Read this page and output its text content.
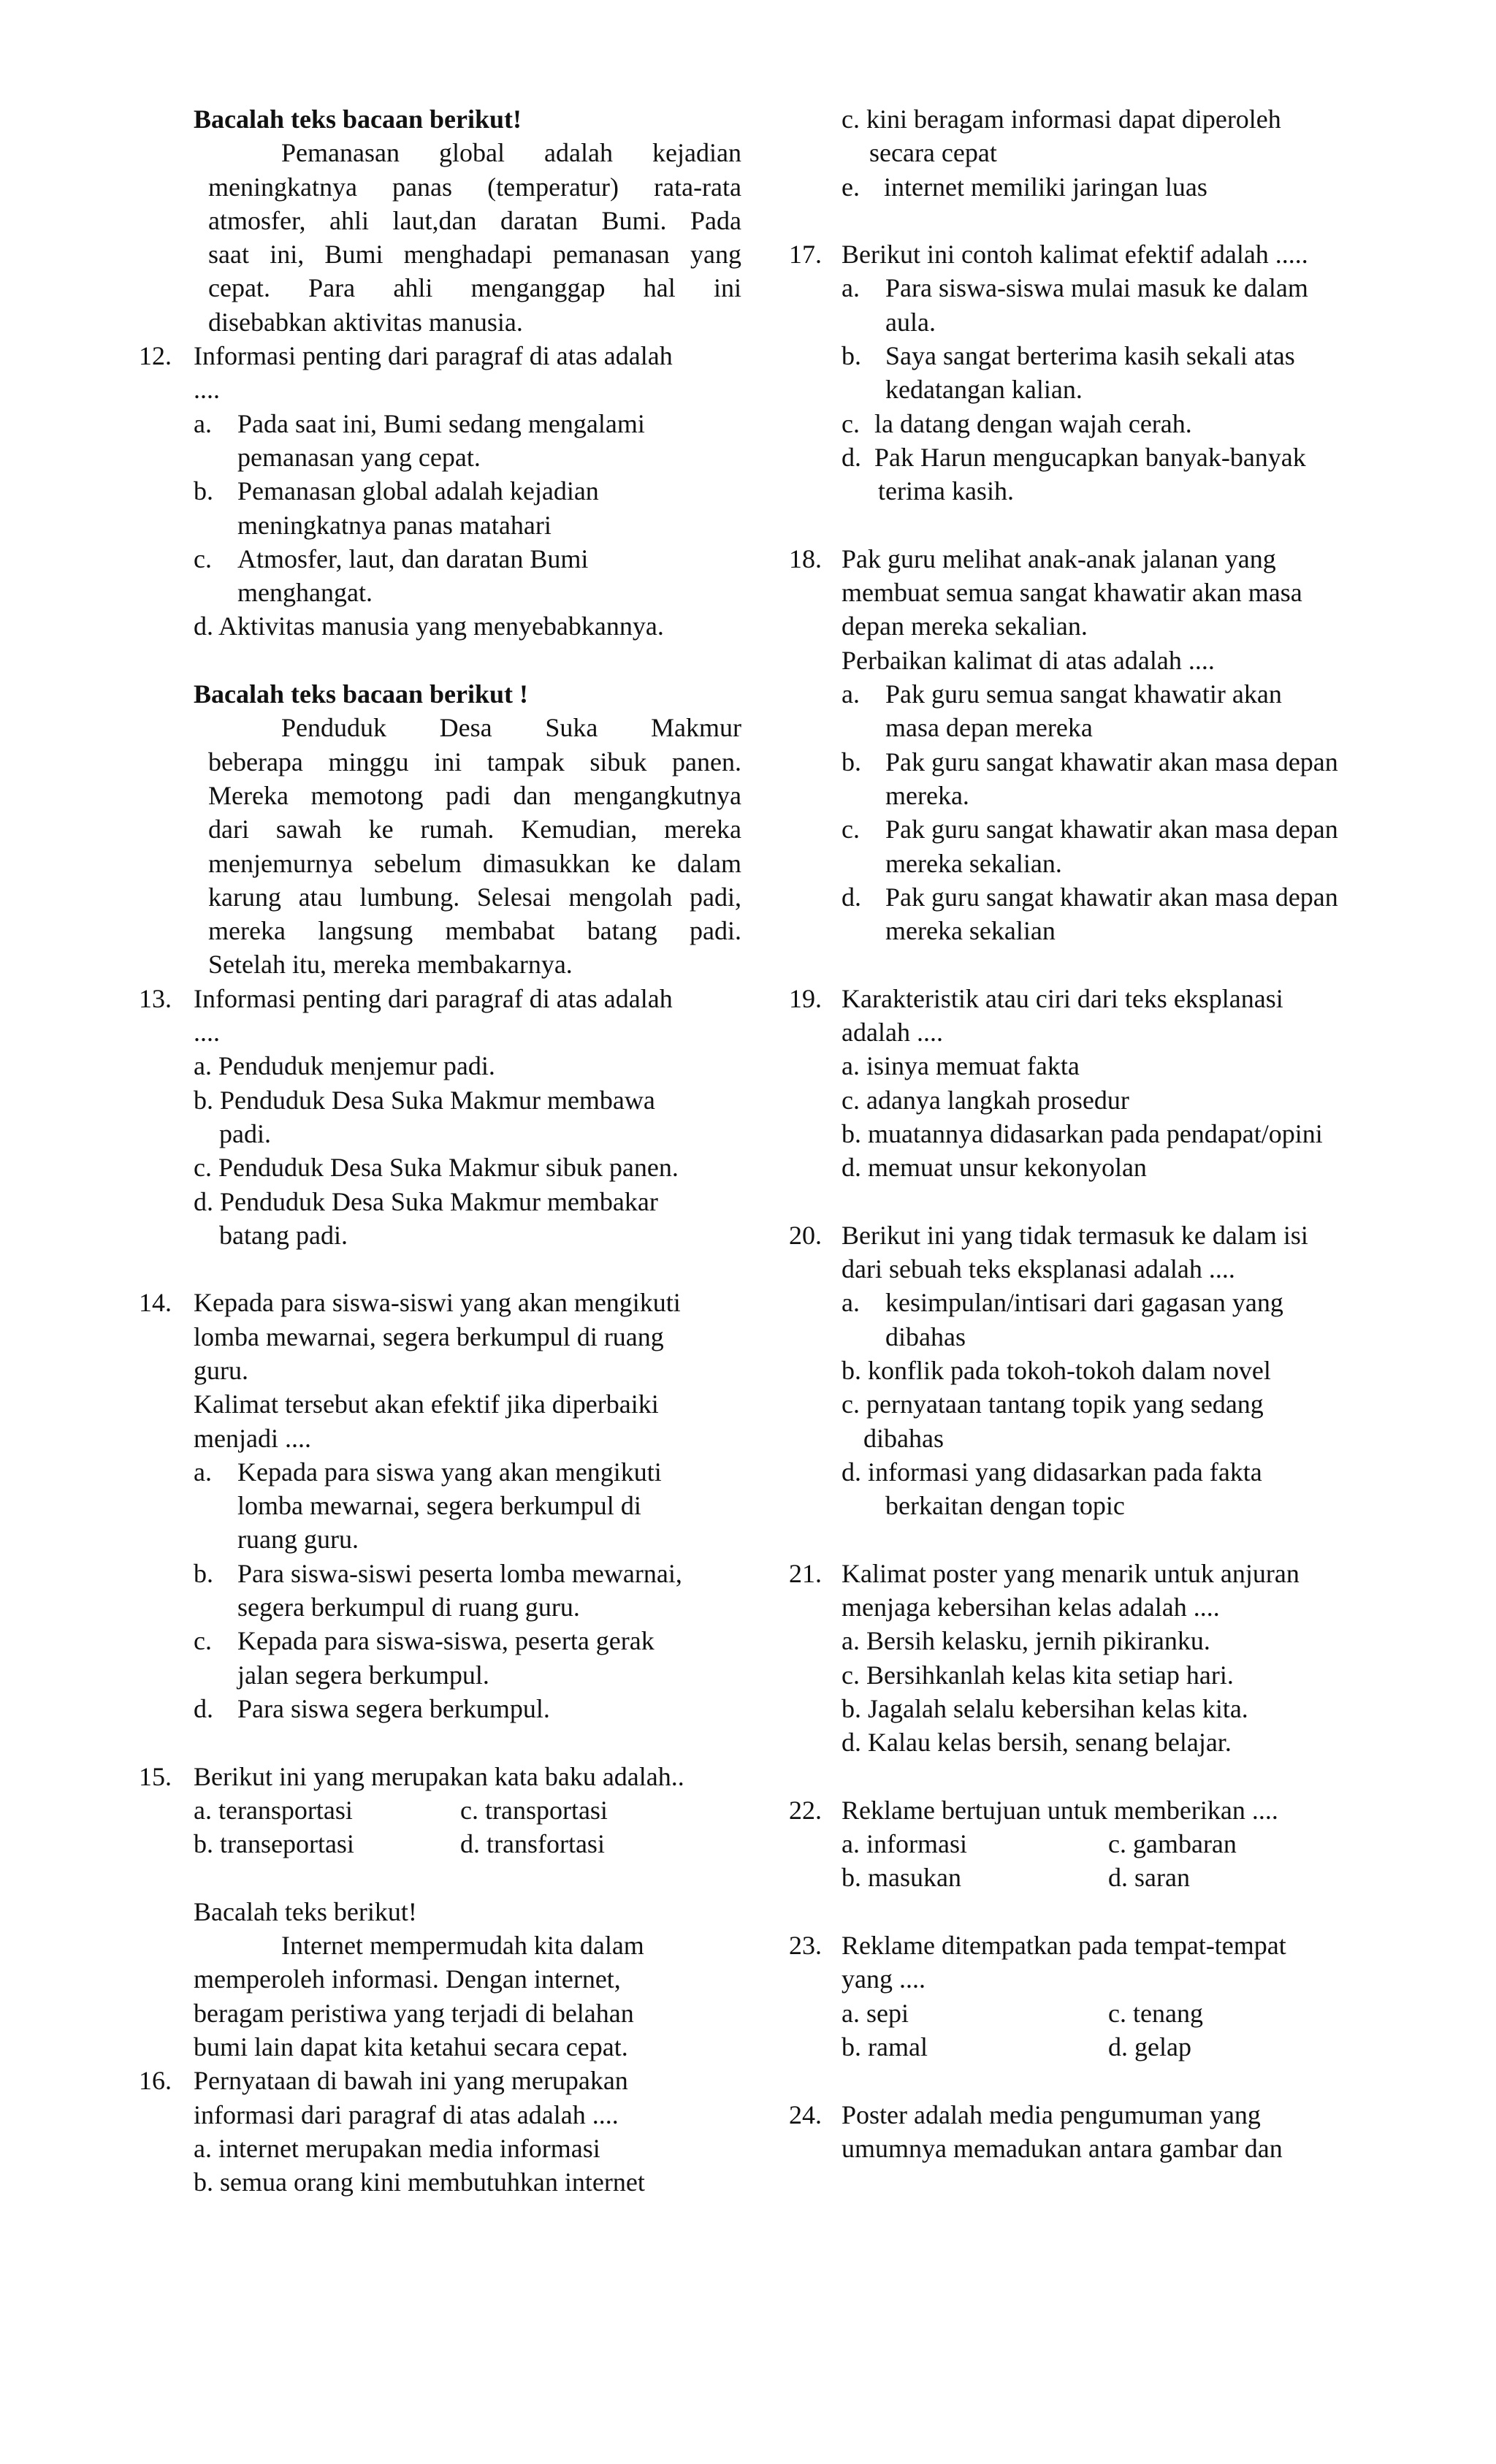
Bacalah teks bacaan berikut!
Pemanasan global adalah kejadian
meningkatnya panas (temperatur) rata-rata
atmosfer, ahli laut,dan daratan Bumi. Pada
saat ini, Bumi menghadapi pemanasan yang
cepat. Para ahli menganggap hal ini
disebabkan aktivitas manusia.
12. Informasi penting dari paragraf di atas adalah
....
a. Pada saat ini, Bumi sedang mengalami
pemanasan yang cepat.
b. Pemanasan global adalah kejadian
meningkatnya panas matahari
c. Atmosfer, laut, dan daratan Bumi
menghangat.
d. Aktivitas manusia yang menyebabkannya.
Bacalah teks bacaan berikut !
Penduduk Desa Suka Makmur
beberapa minggu ini tampak sibuk panen.
Mereka memotong padi dan mengangkutnya
dari sawah ke rumah. Kemudian, mereka
menjemurnya sebelum dimasukkan ke dalam
karung atau lumbung. Selesai mengolah padi,
mereka langsung membabat batang padi.
Setelah itu, mereka membakarnya.
13. Informasi penting dari paragraf di atas adalah
....
a. Penduduk menjemur padi.
b. Penduduk Desa Suka Makmur membawa
padi.
c. Penduduk Desa Suka Makmur sibuk panen.
d. Penduduk Desa Suka Makmur membakar
batang padi.
14. Kepada para siswa-siswi yang akan mengikuti
lomba mewarnai, segera berkumpul di ruang
guru.
Kalimat tersebut akan efektif jika diperbaiki
menjadi ....
a. Kepada para siswa yang akan mengikuti
lomba mewarnai, segera berkumpul di
ruang guru.
b. Para siswa-siswi peserta lomba mewarnai,
segera berkumpul di ruang guru.
c. Kepada para siswa-siswa, peserta gerak
jalan segera berkumpul.
d. Para siswa segera berkumpul.
15. Berikut ini yang merupakan kata baku adalah..
a. teransportasi	c. transportasi
b. transeportasi	d. transfortasi
Bacalah teks berikut!
Internet mempermudah kita dalam
memperoleh informasi. Dengan internet,
beragam peristiwa yang terjadi di belahan
bumi lain dapat kita ketahui secara cepat.
16. Pernyataan di bawah ini yang merupakan
informasi dari paragraf di atas adalah ....
a. internet merupakan media informasi
b. semua orang kini membutuhkan internet
c. kini beragam informasi dapat diperoleh
secara cepat
e. internet memiliki jaringan luas
17. Berikut ini contoh kalimat efektif adalah .....
a. Para siswa-siswa mulai masuk ke dalam
aula.
b. Saya sangat berterima kasih sekali atas
kedatangan kalian.
c. la datang dengan wajah cerah.
d. Pak Harun mengucapkan banyak-banyak
terima kasih.
18. Pak guru melihat anak-anak jalanan yang
membuat semua sangat khawatir akan masa
depan mereka sekalian.
Perbaikan kalimat di atas adalah ....
a. Pak guru semua sangat khawatir akan
masa depan mereka
b. Pak guru sangat khawatir akan masa depan
mereka.
c. Pak guru sangat khawatir akan masa depan
mereka sekalian.
d. Pak guru sangat khawatir akan masa depan
mereka sekalian
19. Karakteristik atau ciri dari teks eksplanasi
adalah ....
a. isinya memuat fakta
c. adanya langkah prosedur
b. muatannya didasarkan pada pendapat/opini
d. memuat unsur kekonyolan
20. Berikut ini yang tidak termasuk ke dalam isi
dari sebuah teks eksplanasi adalah ....
a. kesimpulan/intisari dari gagasan yang
dibahas
b. konflik pada tokoh-tokoh dalam novel
c. pernyataan tantang topik yang sedang
dibahas
d. informasi yang didasarkan pada fakta
berkaitan dengan topic
21. Kalimat poster yang menarik untuk anjuran
menjaga kebersihan kelas adalah ....
a. Bersih kelasku, jernih pikiranku.
c. Bersihkanlah kelas kita setiap hari.
b. Jagalah selalu kebersihan kelas kita.
d. Kalau kelas bersih, senang belajar.
22. Reklame bertujuan untuk memberikan ....
a. informasi	c. gambaran
b. masukan	d. saran
23. Reklame ditempatkan pada tempat-tempat
yang ....
a. sepi	c. tenang
b. ramal	d. gelap
24. Poster adalah media pengumuman yang
umumnya memadukan antara gambar dan
